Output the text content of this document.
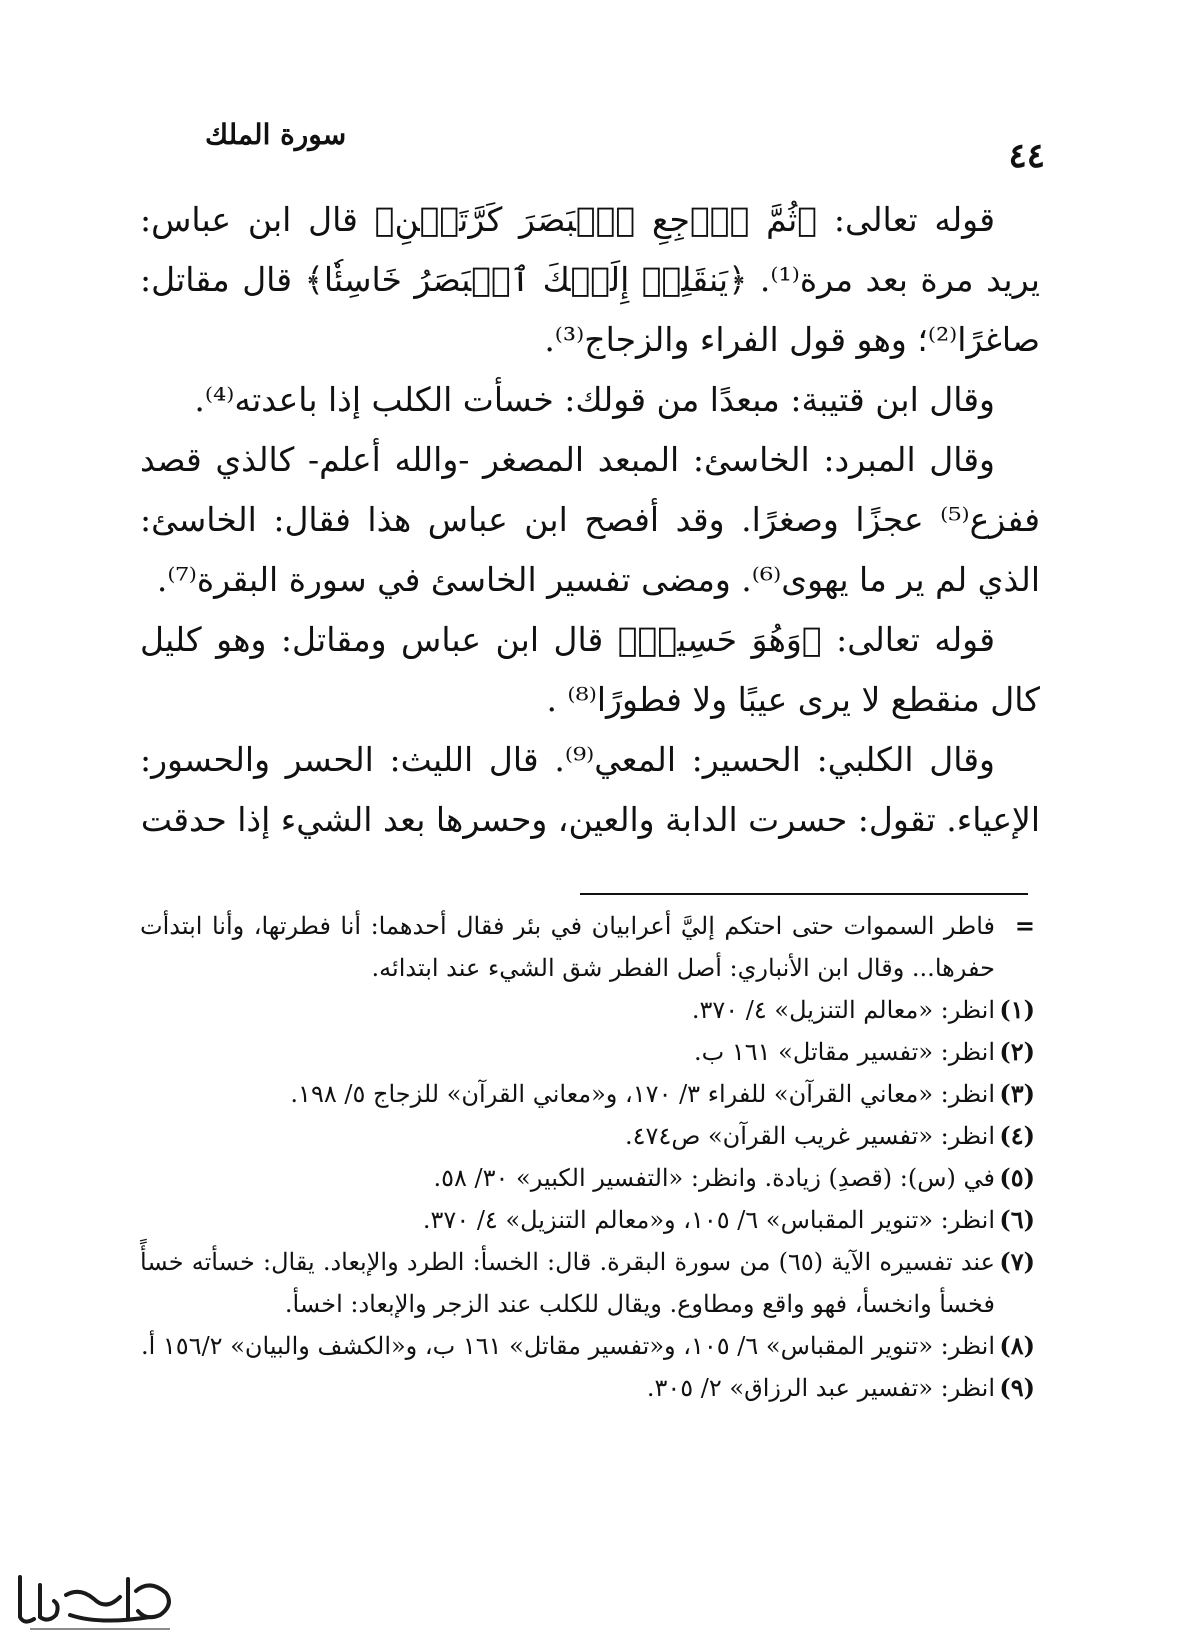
٤٤
سورة الملك

قوله تعالى: ﴿ثُمَّ ٱرۡجِعِ ٱلۡبَصَرَ كَرَّتَيۡنِ﴾ قال ابن عباس: يريد مرة بعد مرة⁽¹⁾. ﴿يَنقَلِبۡ إِلَيۡكَ ٱلۡبَصَرُ خَاسِئٗا﴾ قال مقاتل: صاغرًا⁽²⁾؛ وهو قول الفراء والزجاج⁽³⁾.

وقال ابن قتيبة: مبعدًا من قولك: خسأت الكلب إذا باعدته⁽⁴⁾.

وقال المبرد: الخاسئ: المبعد المصغر -والله أعلم- كالذي قصد ففزع⁽⁵⁾ عجزًا وصغرًا. وقد أفصح ابن عباس هذا فقال: الخاسئ: الذي لم ير ما يهوى⁽⁶⁾. ومضى تفسير الخاسئ في سورة البقرة⁽⁷⁾.

قوله تعالى: ﴿وَهُوَ حَسِيرٞ﴾ قال ابن عباس ومقاتل: وهو كليل كال منقطع لا يرى عيبًا ولا فطورًا⁽⁸⁾ .

وقال الكلبي: الحسير: المعي⁽⁹⁾. قال الليث: الحسر والحسور: الإعياء. تقول: حسرت الدابة والعين، وحسرها بعد الشيء إذا حدقت

=
فاطر السموات حتى احتكم إليَّ أعرابيان في بئر فقال أحدهما: أنا فطرتها، وأنا ابتدأت حفرها... وقال ابن الأنباري: أصل الفطر شق الشيء عند ابتدائه.
(١)
انظر: «معالم التنزيل» ٤/ ٣٧٠.
(٢)
انظر: «تفسير مقاتل» ١٦١ ب.
(٣)
انظر: «معاني القرآن» للفراء ٣/ ١٧٠، و«معاني القرآن» للزجاج ٥/ ١٩٨.
(٤)
انظر: «تفسير غريب القرآن» ص٤٧٤.
(٥)
في (س): (قصدِ) زيادة. وانظر: «التفسير الكبير» ٣٠/ ٥٨.
(٦)
انظر: «تنوير المقباس» ٦/ ١٠٥، و«معالم التنزيل» ٤/ ٣٧٠.
(٧)
عند تفسيره الآية (٦٥) من سورة البقرة. قال: الخسأ: الطرد والإبعاد. يقال: خسأته خسأً فخسأ وانخسأ، فهو واقع ومطاوع. ويقال للكلب عند الزجر والإبعاد: اخسأ.
(٨)
انظر: «تنوير المقباس» ٦/ ١٠٥، و«تفسير مقاتل» ١٦١ ب، و«الكشف والبيان» ١٥٦/٢ أ.
(٩)
انظر: «تفسير عبد الرزاق» ٢/ ٣٠٥.
